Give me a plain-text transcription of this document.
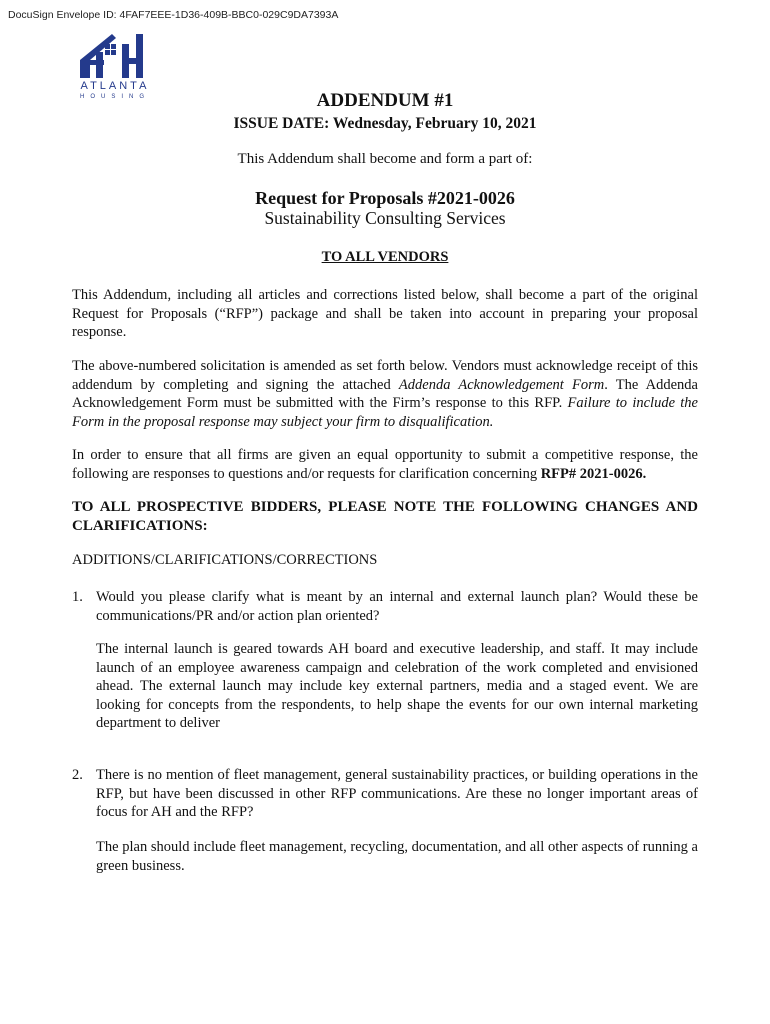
DocuSign Envelope ID: 4FAF7EEE-1D36-409B-BBC0-029C9DA7393A
ATLANTA
HOUSING	ADDENDUM #1
ISSUE DATE: Wednesday, February 10, 2021
This Addendum shall become and form a part of:
Request for Proposals #2021-0026
Sustainability Consulting Services
TO ALL VENDORS
This Addendum, including all articles and corrections listed below, shall become a part of the original Request for Proposals (“RFP”) package and shall be taken into account in preparing your proposal response.
The above-numbered solicitation is amended as set forth below. Vendors must acknowledge receipt of this addendum by completing and signing the attached Addenda Acknowledgement Form. The Addenda Acknowledgement Form must be submitted with the Firm’s response to this RFP. Failure to include the Form in the proposal response may subject your firm to disqualification.
In order to ensure that all firms are given an equal opportunity to submit a competitive response, the following are responses to questions and/or requests for clarification concerning RFP# 2021-0026.
TO ALL PROSPECTIVE BIDDERS, PLEASE NOTE THE FOLLOWING CHANGES AND CLARIFICATIONS:
ADDITIONS/CLARIFICATIONS/CORRECTIONS
1. Would you please clarify what is meant by an internal and external launch plan? Would these be communications/PR and/or action plan oriented?
The internal launch is geared towards AH board and executive leadership, and staff. It may include launch of an employee awareness campaign and celebration of the work completed and envisioned ahead. The external launch may include key external partners, media and a staged event. We are looking for concepts from the respondents, to help shape the events for our own internal marketing department to deliver
2. There is no mention of fleet management, general sustainability practices, or building operations in the RFP, but have been discussed in other RFP communications. Are these no longer important areas of focus for AH and the RFP?
The plan should include fleet management, recycling, documentation, and all other aspects of running a green business.
